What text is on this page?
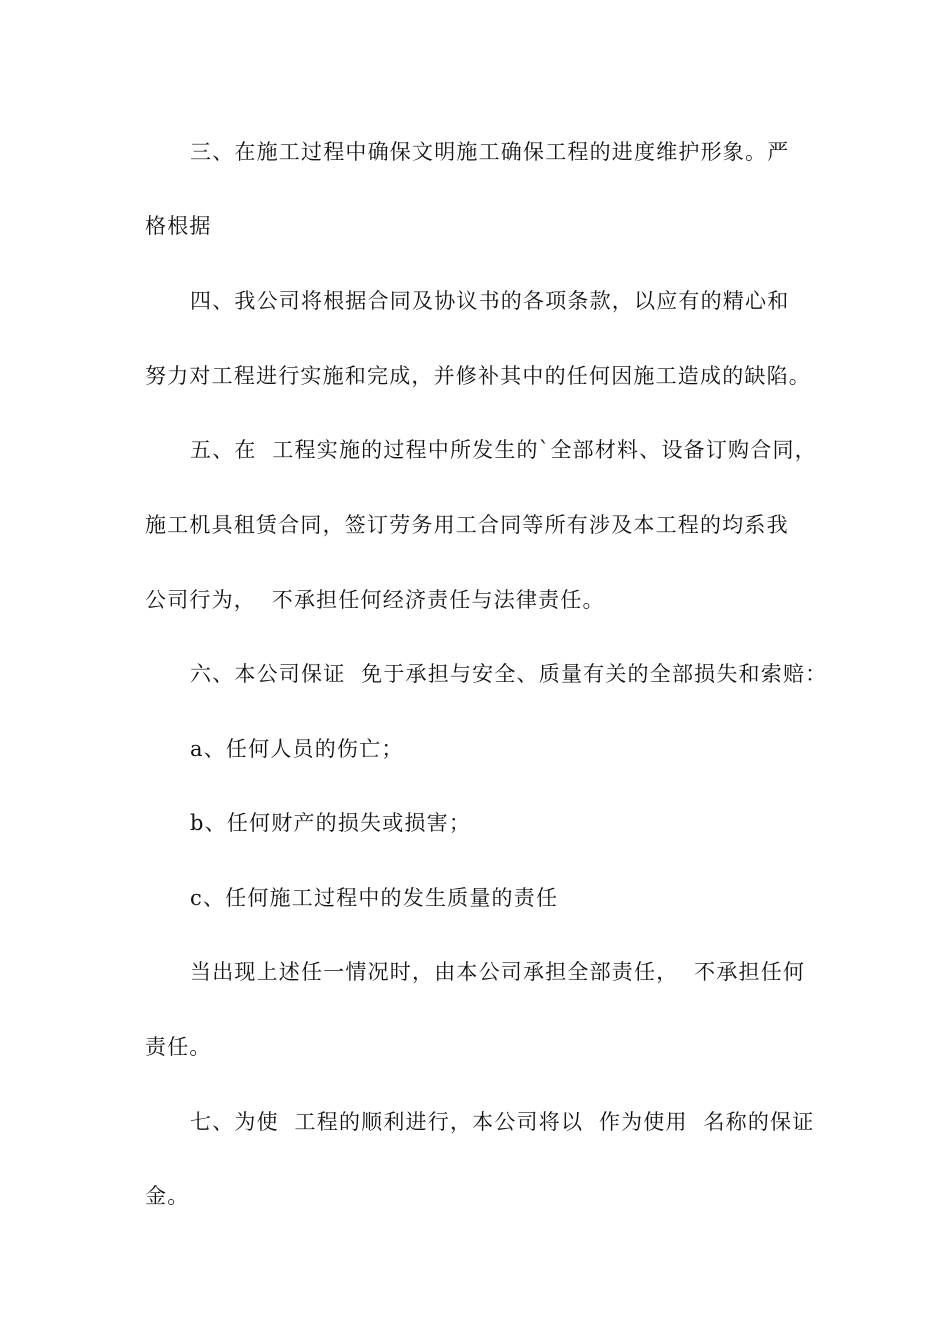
三、在施工过程中确保文明施工确保工程的进度维护形象。严
格根据
四、我公司将根据合同及协议书的各项条款，以应有的精心和
努力对工程进行实施和完成，并修补其中的任何因施工造成的缺陷。
五、在  工程实施的过程中所发生的`全部材料、设备订购合同，
施工机具租赁合同，签订劳务用工合同等所有涉及本工程的均系我
公司行为，  不承担任何经济责任与法律责任。
六、本公司保证  免于承担与安全、质量有关的全部损失和索赔：
a、任何人员的伤亡；
b、任何财产的损失或损害；
c、任何施工过程中的发生质量的责任
当出现上述任一情况时，由本公司承担全部责任，  不承担任何
责任。
七、为使  工程的顺利进行，本公司将以  作为使用  名称的保证
金。
